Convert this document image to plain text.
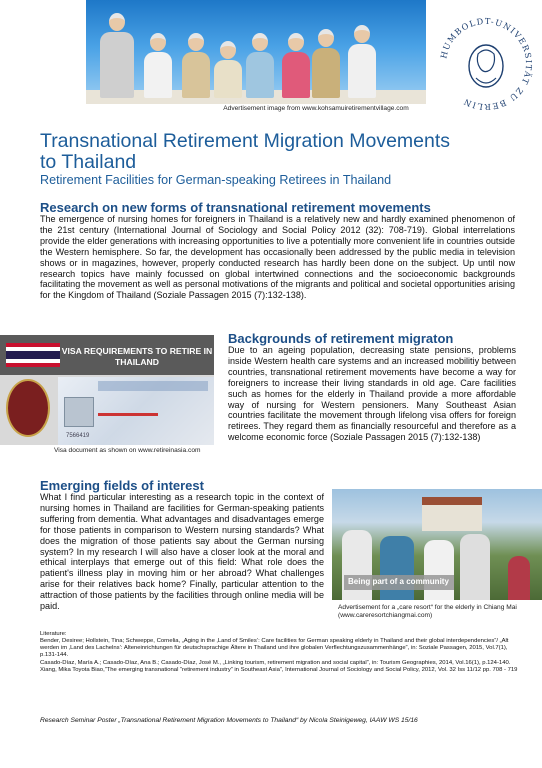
Advertisement image from www.kohsamuiretirementvillage.com
HUMBOLDT-UNIVERSITÄT ZU BERLIN
Transnational Retirement Migration Movements
to Thailand
Retirement Facilities for German-speaking Retirees in Thailand
Research on new forms of transnational retirement movements
The emergence of nursing homes for foreigners in Thailand is a relatively new and hardly examined phenomenon of the 21st century (International Journal of Sociology and Social Policy 2012 (32): 708-719). Global interrelations provide the elder generations with increasing opportunities to live a potentially more convenient life in countries outside the Western hemisphere. So far, the development has occasionally been addressed by the public media in television shows or in magazines, however, properly conducted research has hardly been done on the subject. Up until now research topics have mainly focussed on global intertwined connections and the socioeconomic backgrounds facilitating the movement as well as personal motivations of the migrants and political and societal opportunities arising for the Kingdom of Thailand (Soziale Passagen 2015 (7):132-138).
VISA REQUIREMENTS TO RETIRE IN THAILAND
7566419
Visa document as shown on www.retireinasia.com
Backgrounds of retirement migraton
Due to an ageing population, decreasing state pensions, problems inside Western health care systems and an increased mobilitiy between countries, transnational retirement movements have become a way for foreigners to increase their living standards in old age. Care facilities such as homes for the elderly in Thailand provide a more affordable way of nursing for Western pensioners. Many Southeast Asian countries facilitate the movement through lifelong visa offers for foreign retirees. They regard them as financially resourceful and therefore as a welcome economic force (Soziale Passagen 2015 (7):132-138)
Emerging fields of interest
What I find particular interesting as a research topic in the context of nursing homes in Thailand are facilities for German-speaking patients suffering from dementia. What advantages and disadvantages emerge for those patients in comparison to Western nursing standards? What does the migration of those patients say about the German nursing system? In my research I will also have a closer look at the moral and ethical interplays that emerge out of this field: What role does the patient's illness play in moving him or her abroad? What challenges arise for their relatives back home? Finally, particular attention to the attraction of those patients by the facilities through online media will be paid.
Being part of a community
Advertisement for a „care resort“ for the elderly in Chiang Mai (www.careresortchiangmai.com)
Literature:
Bender, Desiree; Hollstein, Tina; Schweppe, Cornelia, „Aging in the ‚Land of Smiles‘: Care facilities for German speaking elderly in Thailand and their global interdependencies“/ „Alt werden im ‚Land des Lachelns‘: Alteneinrichtungen für deutschsprachige Ältere in Thailand und ihre globalen Verflechtungszusammenhänge“, in: Soziale Passagen, 2015, Vol.7(1), p.131-144.
Casado-Díaz, María A.; Casado-Díaz, Ana B.; Casado-Díaz, José M., „Linking tourism, retirement migration and social capital“, in: Tourism Geographies, 2014, Vol.16(1), p.124-140.
Xiang, Mika Toyota Biao,“The emerging transnational “retirement industry” in Southeast Asia”, International Journal of Sociology and Social Policy, 2012, Vol. 32 Iss 11/12 pp. 708 - 719
Research Seminar Poster „Transnational Retirement Migration Movements to Thailand“ by Nicola Steinigeweg, IAAW WS 15/16
